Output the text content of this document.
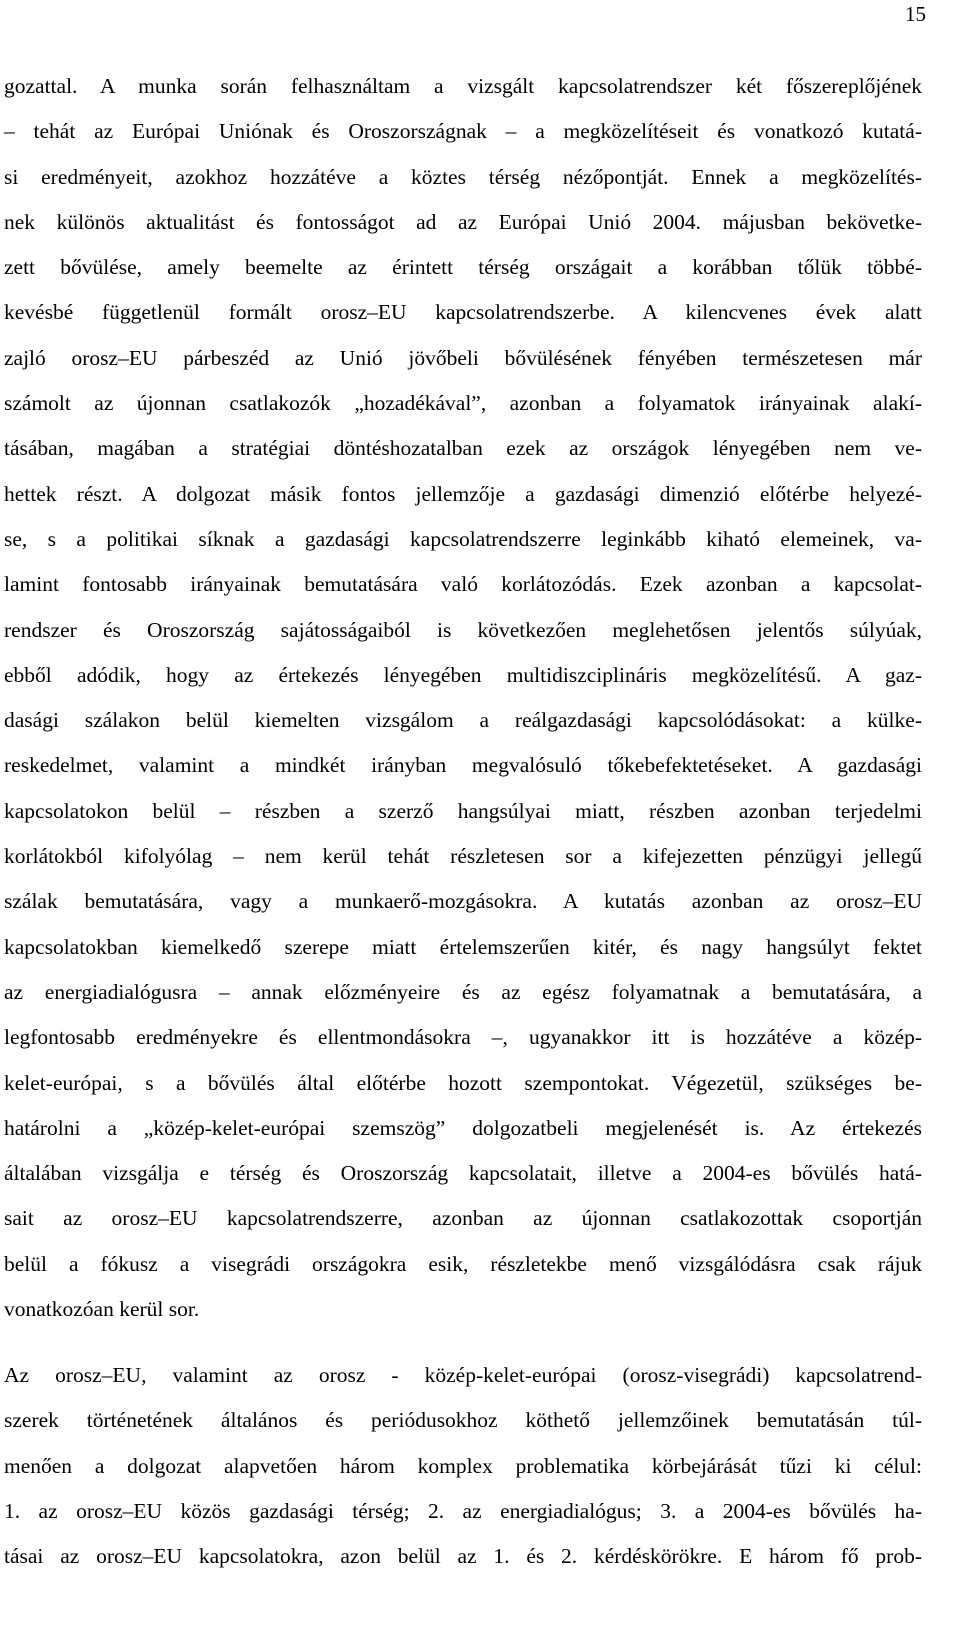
15
gozattal. A munka során felhasználtam a vizsgált kapcsolatrendszer két főszereplőjének
– tehát az Európai Uniónak és Oroszországnak – a megközelítéseit és vonatkozó kutatá-
si eredményeit, azokhoz hozzátéve a köztes térség nézőpontját. Ennek a megközelítés-
nek különös aktualitást és fontosságot ad az Európai Unió 2004. májusban bekövetke-
zett bővülése, amely beemelte az érintett térség országait a korábban tőlük többé-
kevésbé függetlenül formált orosz–EU kapcsolatrendszerbe. A kilencvenes évek alatt
zajló orosz–EU párbeszéd az Unió jövőbeli bővülésének fényében természetesen már
számolt az újonnan csatlakozók „hozadékával”, azonban a folyamatok irányainak alakí-
tásában, magában a stratégiai döntéshozatalban ezek az országok lényegében nem ve-
hettek részt. A dolgozat másik fontos jellemzője a gazdasági dimenzió előtérbe helyezé-
se, s a politikai síknak a gazdasági kapcsolatrendszerre leginkább kiható elemeinek, va-
lamint fontosabb irányainak bemutatására való korlátozódás. Ezek azonban a kapcsolat-
rendszer és Oroszország sajátosságaiból is következően meglehetősen jelentős súlyúak,
ebből adódik, hogy az értekezés lényegében multidiszciplináris megközelítésű. A gaz-
dasági szálakon belül kiemelten vizsgálom a reálgazdasági kapcsolódásokat: a külke-
reskedelmet, valamint a mindkét irányban megvalósuló tőkebefektetéseket. A gazdasági
kapcsolatokon belül – részben a szerző hangsúlyai miatt, részben azonban terjedelmi
korlátokból kifolyólag – nem kerül tehát részletesen sor a kifejezetten pénzügyi jellegű
szálak bemutatására, vagy a munkaerő-mozgásokra. A kutatás azonban az orosz–EU
kapcsolatokban kiemelkedő szerepe miatt értelemszerűen kitér, és nagy hangsúlyt fektet
az energiadialógusra – annak előzményeire és az egész folyamatnak a bemutatására, a
legfontosabb eredményekre és ellentmondásokra –, ugyanakkor itt is hozzátéve a közép-
kelet-európai, s a bővülés által előtérbe hozott szempontokat. Végezetül, szükséges be-
határolni a „közép-kelet-európai szemszög” dolgozatbeli megjelenését is. Az értekezés
általában vizsgálja e térség és Oroszország kapcsolatait, illetve a 2004-es bővülés hatá-
sait az orosz–EU kapcsolatrendszerre, azonban az újonnan csatlakozottak csoportján
belül a fókusz a visegrádi országokra esik, részletekbe menő vizsgálódásra csak rájuk
vonatkozóan kerül sor.
Az orosz–EU, valamint az orosz - közép-kelet-európai (orosz-visegrádi) kapcsolatrend-
szerek történetének általános és periódusokhoz köthető jellemzőinek bemutatásán túl-
menően a dolgozat alapvetően három komplex problematika körbejárását tűzi ki célul:
1. az orosz–EU közös gazdasági térség; 2. az energiadialógus; 3. a 2004-es bővülés ha-
tásai az orosz–EU kapcsolatokra, azon belül az 1. és 2. kérdéskörökre. E három fő prob-
